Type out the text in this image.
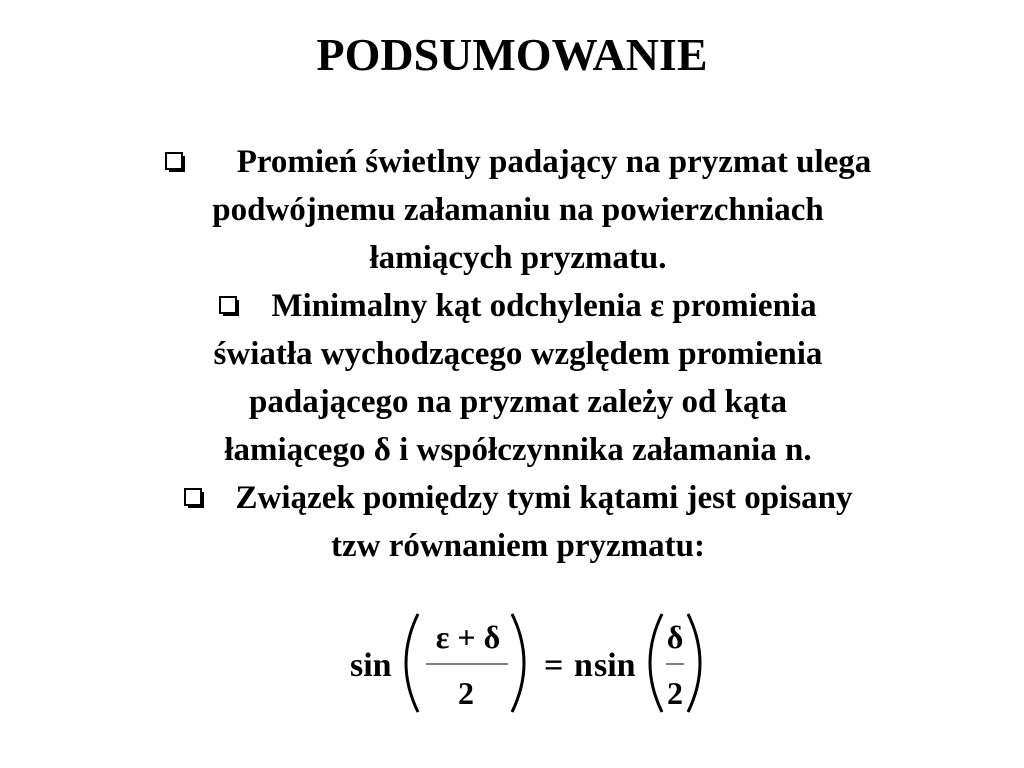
PODSUMOWANIE
Promień świetlny padający na pryzmat ulega
podwójnemu załamaniu na powierzchniach
łamiących pryzmatu.
Minimalny kąt odchylenia ε promienia
światła wychodzącego względem promienia
padającego na pryzmat zależy od kąta
łamiącego δ i współczynnika załamania n.
Związek pomiędzy tymi kątami jest opisany
tzw równaniem pryzmatu:
sin
ε + δ
2
= n sin
δ
2
